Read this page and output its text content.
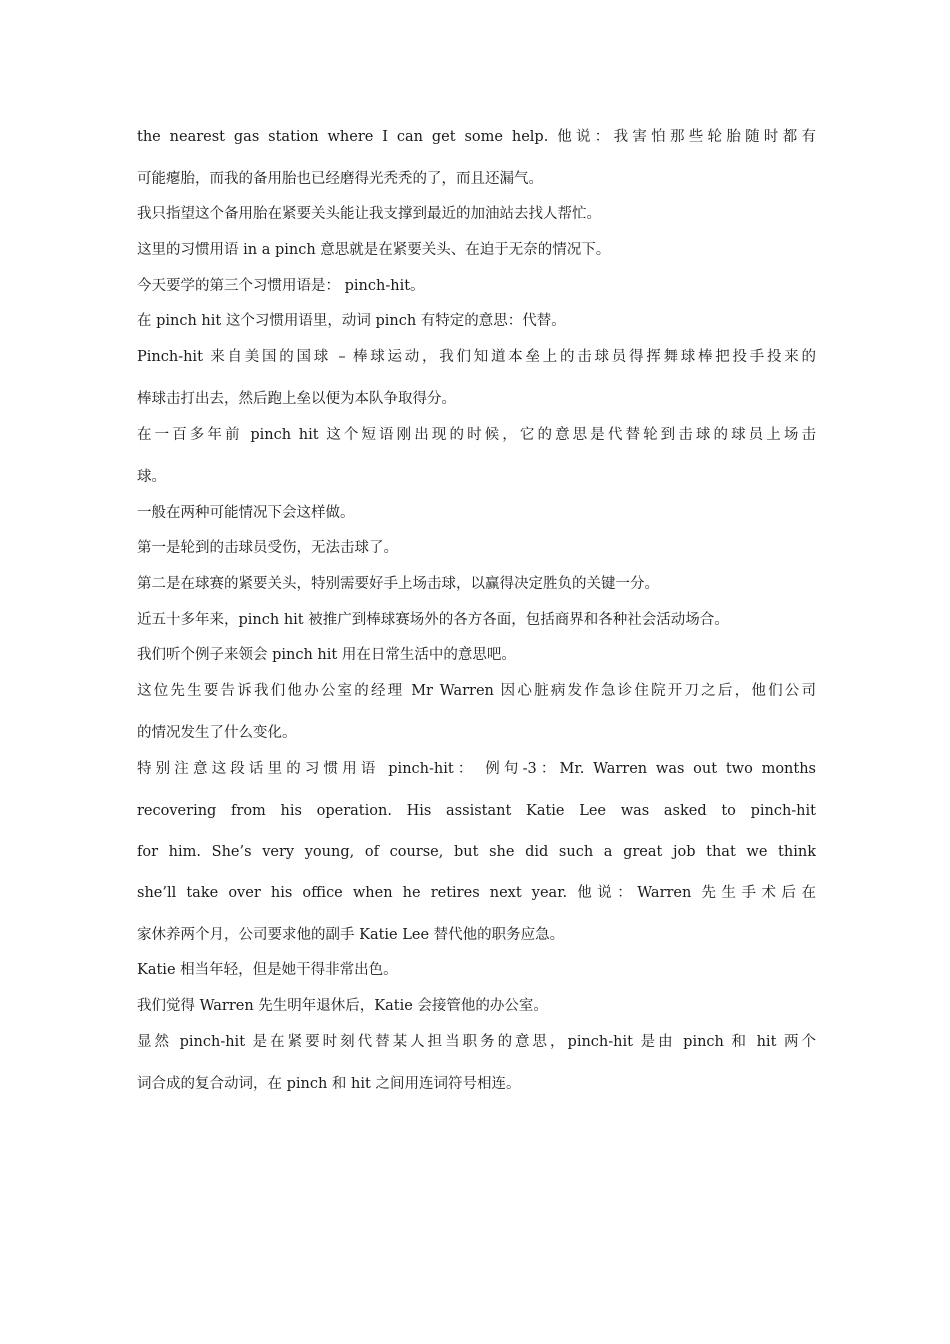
the nearest gas station where I can get some help. 他说：我害怕那些轮胎随时都有
可能瘪胎，而我的备用胎也已经磨得光秃秃的了，而且还漏气。
我只指望这个备用胎在紧要关头能让我支撑到最近的加油站去找人帮忙。
这里的习惯用语 in a pinch 意思就是在紧要关头、在迫于无奈的情况下。
今天要学的第三个习惯用语是： pinch-hit。
在 pinch hit 这个习惯用语里，动词 pinch 有特定的意思：代替。
Pinch-hit 来自美国的国球 – 棒球运动，我们知道本垒上的击球员得挥舞球棒把投手投来的
棒球击打出去，然后跑上垒以便为本队争取得分。
在一百多年前 pinch hit 这个短语刚出现的时候，它的意思是代替轮到击球的球员上场击
球。
一般在两种可能情况下会这样做。
第一是轮到的击球员受伤，无法击球了。
第二是在球赛的紧要关头，特别需要好手上场击球，以赢得决定胜负的关键一分。
近五十多年来，pinch hit 被推广到棒球赛场外的各方各面，包括商界和各种社会活动场合。
我们听个例子来领会 pinch hit 用在日常生活中的意思吧。
这位先生要告诉我们他办公室的经理 Mr Warren 因心脏病发作急诊住院开刀之后，他们公司
的情况发生了什么变化。
特别注意这段话里的习惯用语 pinch-hit： 例句-3：Mr. Warren was out two months
recovering from his operation. His assistant Katie Lee was asked to pinch-hit
for him. She’s very young, of course, but she did such a great job that we think
she’ll take over his office when he retires next year. 他说：Warren 先生手术后在
家休养两个月，公司要求他的副手 Katie Lee 替代他的职务应急。
Katie 相当年轻，但是她干得非常出色。
我们觉得 Warren 先生明年退休后，Katie 会接管他的办公室。
显然 pinch-hit 是在紧要时刻代替某人担当职务的意思，pinch-hit 是由 pinch 和 hit 两个
词合成的复合动词，在 pinch 和 hit 之间用连词符号相连。
